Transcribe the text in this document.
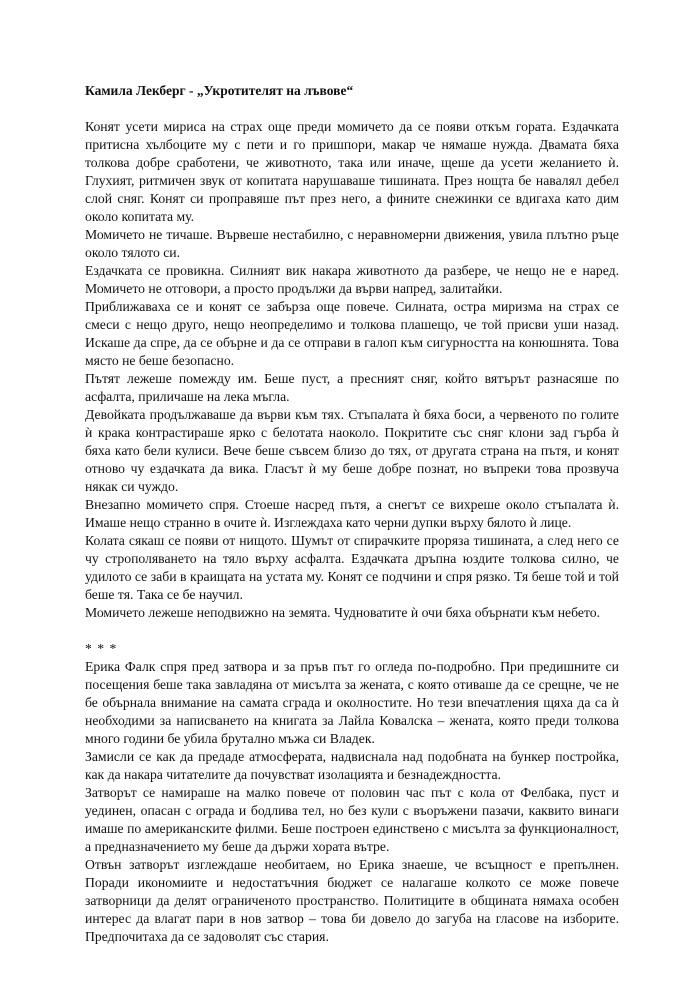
Камила Лекберг - „Укротителят на лъвове“

Конят усети мириса на страх още преди момичето да се появи откъм гората. Ездачката притисна хълбоците му с пети и го пришпори, макар че нямаше нужда. Двамата бяха толкова добре сработени, че животното, така или иначе, щеше да усети желанието ѝ. Глухият, ритмичен звук от копитата нарушаваше тишината. През нощта бе навалял дебел слой сняг. Конят си проправяше път през него, а фините снежинки се вдигаха като дим около копитата му.

Момичето не тичаше. Вървеше нестабилно, с неравномерни движения, увила плътно ръце около тялото си.

Ездачката се провикна. Силният вик накара животното да разбере, че нещо не е наред. Момичето не отговори, а просто продължи да върви напред, залитайки.

Приближаваха се и конят се забърза още повече. Силната, остра миризма на страх се смеси с нещо друго, нещо неопределимо и толкова плашещо, че той присви уши назад. Искаше да спре, да се обърне и да се отправи в галоп към сигурността на конюшнята. Това място не беше безопасно.

Пътят лежеше помежду им. Беше пуст, а пресният сняг, който вятърът разнасяше по асфалта, приличаше на лека мъгла.

Девойката продължаваше да върви към тях. Стъпалата ѝ бяха боси, а червеното по голите ѝ крака контрастираше ярко с белотата наоколо. Покритите със сняг клони зад гърба ѝ бяха като бели кулиси. Вече беше съвсем близо до тях, от другата страна на пътя, и конят отново чу ездачката да вика. Гласът ѝ му беше добре познат, но въпреки това прозвуча някак си чуждо.

Внезапно момичето спря. Стоеше насред пътя, а снегът се вихреше около стъпалата ѝ. Имаше нещо странно в очите ѝ. Изглеждаха като черни дупки върху бялото ѝ лице.

Колата сякаш се появи от нищото. Шумът от спирачките прорязa тишината, а след него се чу строполяването на тяло върху асфалта. Ездачката дръпна юздите толкова силно, че удилото се заби в краищата на устата му. Конят се подчини и спря рязко. Тя беше той и той беше тя. Така се бе научил.

Момичето лежеше неподвижно на земята. Чудноватите ѝ очи бяха обърнати към небето.

* * *

Ерика Фалк спря пред затвора и за пръв път го огледа по-подробно. При предишните си посещения беше така завладяна от мисълта за жената, с която отиваше да се срещне, че не бе обърнала внимание на самата сграда и околностите. Но тези впечатления щяха да са ѝ необходими за написването на книгата за Лайла Ковалска – жената, която преди толкова много години бе убила брутално мъжа си Владек.

Замисли се как да предаде атмосферата, надвиснала над подобната на бункер постройка, как да накара читателите да почувстват изолацията и безнадеждността.

Затворът се намираше на малко повече от половин час път с кола от Фелбака, пуст и уединен, опасан с ограда и бодлива тел, но без кули с въоръжени пазачи, каквито винаги имаше по американските филми. Беше построен единствено с мисълта за функционалност, а предназначението му беше да държи хората вътре.

Отвън затворът изглеждаше необитаем, но Ерика знаеше, че всъщност е препълнен. Поради икономиите и недостатъчния бюджет се налагаше колкото се може повече затворници да делят ограниченото пространство. Политиците в общината нямаха особен интерес да влагат пари в нов затвор – това би довело до загуба на гласове на изборите. Предпочитаха да се задоволят със стария.
